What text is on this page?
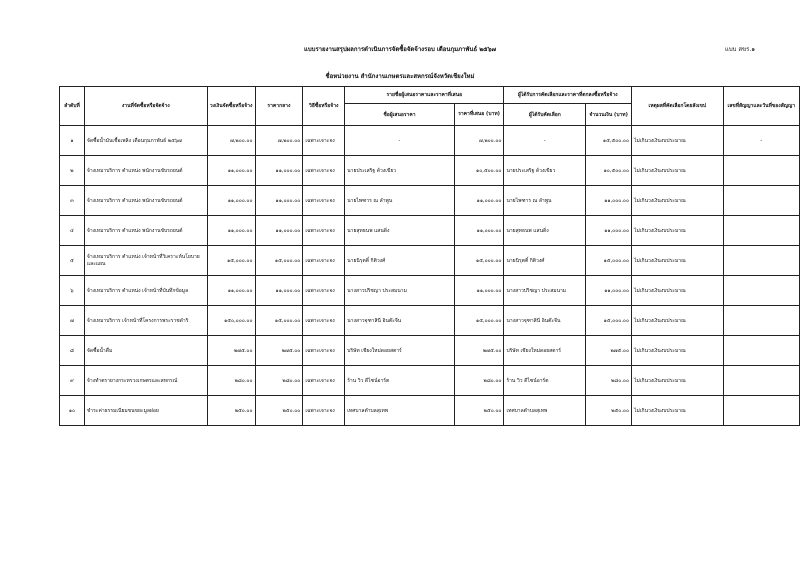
แบบรายงานสรุปผลการดำเนินการจัดซื้อจัดจ้างรอบ เดือนกุมภาพันธ์ ๒๕๖๗	แบบ สขร.๑
ชื่อหน่วยงาน สำนักงานเกษตรและสหกรณ์จังหวัดเชียงใหม่
ลำดับที่	งานที่จัดซื้อหรือจัดจ้าง	วงเงินจัดซื้อหรือจ้าง	ราคากลาง	วิธีซื้อหรือจ้าง	รายชื่อผู้เสนอราคาและราคาที่เสนอ		ผู้ได้รับการคัดเลือกและราคาที่ตกลงซื้อหรือจ้าง		เหตุผลที่คัดเลือกโดยสังเขป	เลขที่สัญญาและวันที่ของสัญญา
					ชื่อผู้เสนอราคา	ราคาที่เสนอ (บาท)	ผู้ได้รับคัดเลือก	จำนวนเงิน (บาท)		
๑	จัดซื้อน้ำมันเชื้อเพลิง เดือนกุมภาพันธ์ ๒๕๖๗	๗,๒๐๐.๐๐	๗,๒๐๐.๐๐	เฉพาะเจาะจง	-	๗,๒๐๐.๐๐	-	๑๕,๕๐๐.๐๐	ไม่เกินวงเงินงบประมาณ	-
๒	จ้างเหมาบริการ ตำแหน่ง พนักงานขับรถยนต์	๑๑,๐๐๐.๐๐	๑๑,๐๐๐.๐๐	เฉพาะเจาะจง	นายประเสริฐ ด้วงเขียว	๑๐,๕๐๐.๐๐	นายประเสริฐ ด้วงเขียว	๑๐,๕๐๐.๐๐	ไม่เกินวงเงินงบประมาณ	
๓	จ้างเหมาบริการ ตำแหน่ง พนักงานขับรถยนต์	๑๑,๐๐๐.๐๐	๑๑,๐๐๐.๐๐	เฉพาะเจาะจง	นายไพฑาร ณ ลำพูน	๑๑,๐๐๐.๐๐	นายไพฑาร ณ ลำพูน	๑๑,๐๐๐.๐๐	ไม่เกินวงเงินงบประมาณ	
๔	จ้างเหมาบริการ ตำแหน่ง พนักงานขับรถยนต์	๑๑,๐๐๐.๐๐	๑๑,๐๐๐.๐๐	เฉพาะเจาะจง	นายสุทธนพ แสนดิ่ง	๑๑,๐๐๐.๐๐	นายสุทธนพ แสนดิ่ง	๑๑,๐๐๐.๐๐	ไม่เกินวงเงินงบประมาณ	
๕	จ้างเหมาบริการ ตำแหน่ง เจ้าหน้าที่วิเคราะห์นโยบายและแผน	๑๕,๐๐๐.๐๐	๑๕,๐๐๐.๐๐	เฉพาะเจาะจง	นายนิรุตติ์ กิติวงศ์	๑๕,๐๐๐.๐๐	นายนิรุตติ์ กิติวงศ์	๑๕,๐๐๐.๐๐	ไม่เกินวงเงินงบประมาณ	
๖	จ้างเหมาบริการ ตำแหน่ง เจ้าหน้าที่บันทึกข้อมูล	๑๑,๐๐๐.๐๐	๑๑,๐๐๐.๐๐	เฉพาะเจาะจง	นางสาวปริชญา ประสมนาม	๑๑,๐๐๐.๐๐	นางสาวปริชญา ประสมนาม	๑๑,๐๐๐.๐๐	ไม่เกินวงเงินงบประมาณ	
๗	จ้างเหมาบริการ เจ้าหน้าที่โครงการพระราชดำริ	๑๕๐,๐๐๐.๐๐	๑๕,๐๐๐.๐๐	เฉพาะเจาะจง	นางสาวจุฑาสินี อินต๊ะจีน	๑๕,๐๐๐.๐๐	นางสาวจุฑาสินี อินต๊ะจีน	๑๕,๐๐๐.๐๐	ไม่เกินวงเงินงบประมาณ	
๘	จัดซื้อน้ำดื่ม	๒๗๕.๐๐	๒๗๕.๐๐	เฉพาะเจาะจง	บริษัท เชียงใหม่ดอยสตาร์	๒๗๕.๐๐	บริษัท เชียงใหม่ดอยสตาร์	๒๗๕.๐๐	ไม่เกินวงเงินงบประมาณ	
๙	จ้างทำตรายางกระทรวงเกษตรและสหกรณ์	๒๘๐.๐๐	๒๘๐.๐๐	เฉพาะเจาะจง	ร้าน วิว ดีไซน์อาร์ต	๒๘๐.๐๐	ร้าน วิว ดีไซน์อาร์ต	๒๘๐.๐๐	ไม่เกินวงเงินงบประมาณ	
๑๐	ชำระค่าธรรมเนียมขนขยะมูลฝอย	๒๕๐.๐๐	๒๕๐.๐๐	เฉพาะเจาะจง	เทศบาลตำบลสุเทพ	๒๕๐.๐๐	เทศบาลตำบลสุเทพ	๒๕๐.๐๐	ไม่เกินวงเงินงบประมาณ	
